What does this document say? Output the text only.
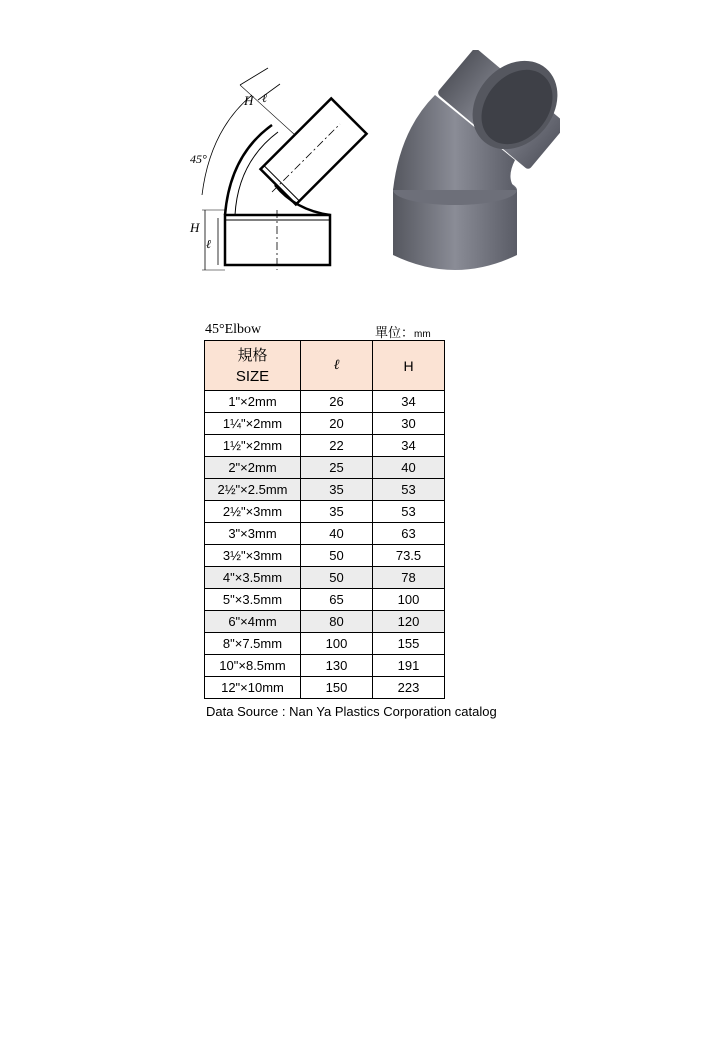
H
ℓ
45°
H ℓ
45°Elbow	單位：mm
規格
SIZE	ℓ	H
1"×2mm	26	34
1¼"×2mm	20	30
1½"×2mm	22	34
2"×2mm	25	40
2½"×2.5mm	35	53
2½"×3mm	35	53
3"×3mm	40	63
3½"×3mm	50	73.5
4"×3.5mm	50	78
5"×3.5mm	65	100
6"×4mm	80	120
8"×7.5mm	100	155
10"×8.5mm	130	191
12"×10mm	150	223
Data Source : Nan Ya Plastics Corporation catalog
